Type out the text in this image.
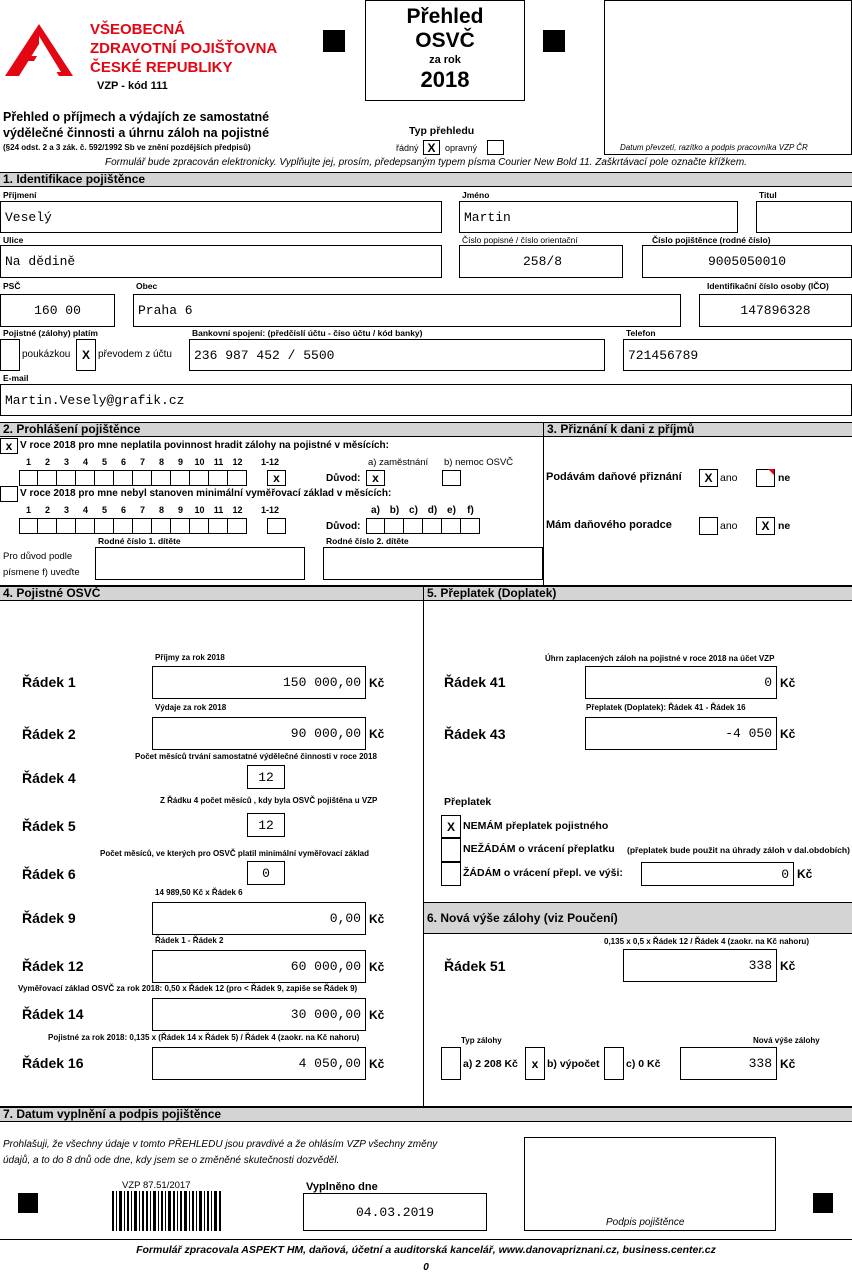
VŠEOBECNÁ
ZDRAVOTNÍ POJIŠŤOVNA
ČESKÉ REPUBLIKY
VZP - kód 111
Přehled
OSVČ
za rok
2018
Datum převzetí, razítko a podpis pracovníka VZP ČR
Přehled o příjmech a výdajích ze samostatné
výdělečné činnosti a úhrnu záloh na pojistné
(§24 odst. 2 a 3 zák. č. 592/1992 Sb ve znění pozdějších předpisů)
Typ přehledu
řádný X	opravný
Formulář bude zpracován elektronicky. Vyplňujte jej, prosím, předepsaným typem písma Courier New Bold 11. Zaškrtávací pole označte křížkem.
1. Identifikace pojištěnce
Příjmení
Veselý
Jméno
Martin
Titul
Ulice
Na dědině
Číslo popisné / číslo orientační
258/8
Číslo pojištěnce (rodné číslo)
9005050010
PSČ
160 00
Obec
Praha 6
Identifikační číslo osoby (IČO)
147896328
Pojistné (zálohy) platím
poukázkou X převodem z účtu
Bankovní spojení: (předčíslí účtu - číso účtu / kód banky)
236 987 452 / 5500
Telefon
721456789
E-mail
Martin.Vesely@grafik.cz
2. Prohlášení pojištěnce	3. Přiznání k dani z příjmů
x V roce 2018 pro mne neplatila povinnost hradit zálohy na pojistné v měsících:
1	2	3	4	5	6	7	8	9	10	11	12	1-12
x
a) zaměstnání b) nemoc OSVČ
Důvod: x
V roce 2018 pro mne nebyl stanoven minimální vyměřovací základ v měsících:
1	2	3	4	5	6	7	8	9	10	11	12	1-12	a) b) c) d) e)	f)
Důvod:
Rodné číslo 1. dítěte	Rodné číslo 2. dítěte
Pro důvod podle
písmene f) uveďte
Podávám daňové přiznání	X ano	ne
Mám daňového poradce	ano	X ne
4. Pojistné OSVČ	5. Přeplatek (Doplatek)
Řádek 1
Příjmy za rok 2018
150 000,00 Kč
Řádek 2
Výdaje za rok 2018
90 000,00 Kč
Řádek 4
Počet měsíců trvání samostatné výdělečné činnosti v roce 2018
12
Řádek 5
Z Řádku 4 počet měsíců , kdy byla OSVČ pojištěna u VZP
12
Řádek 6
Počet měsíců, ve kterých pro OSVČ platil minimální vyměřovací základ
0
Řádek 9
14 989,50 Kč x Řádek 6
0,00 Kč
Řádek 12
Řádek 1 - Řádek 2
60 000,00 Kč
Řádek 14
Vyměřovací základ OSVČ za rok 2018: 0,50 x Řádek 12 (pro < Řádek 9, zapiše se Řádek 9)
30 000,00 Kč
Řádek 16
Pojistné za rok 2018: 0,135 x (Řádek 14 x Řádek 5) / Řádek 4 (zaokr. na Kč nahoru)
4 050,00 Kč
Řádek 41
Úhrn zaplacených záloh na pojistné v roce 2018 na účet VZP
0 Kč
Řádek 43
Přeplatek (Doplatek): Řádek 41 - Řádek 16
-4 050 Kč
Přeplatek
X NEMÁM přeplatek pojistného
NEŽÁDÁM o vrácení přeplatku (přeplatek bude použit na úhrady záloh v dal.obdobích)
ŽÁDÁM o vrácení přepl. ve výši:	0 Kč
6. Nová výše zálohy (viz Poučení)
0,135 x 0,5 x Řádek 12 / Řádek 4 (zaokr. na Kč nahoru)
Řádek 51	338 Kč
Typ zálohy	Nová výše zálohy
a) 2 208 Kč	x b) výpočet	c) 0 Kč	338 Kč
7. Datum vyplnění a podpis pojištěnce
Prohlašuji, že všechny údaje v tomto PŘEHLEDU jsou pravdivé a že ohlásím VZP všechny změny
údajů, a to do 8 dnů ode dne, kdy jsem se o změněné skutečnosti dozvěděl.
Podpis pojištěnce
VZP 87.51/2017	Vyplněno dne
04.03.2019
Formulář zpracovala ASPEKT HM, daňová, účetní a auditorská kancelář, www.danovapriznani.cz, business.center.cz
0
